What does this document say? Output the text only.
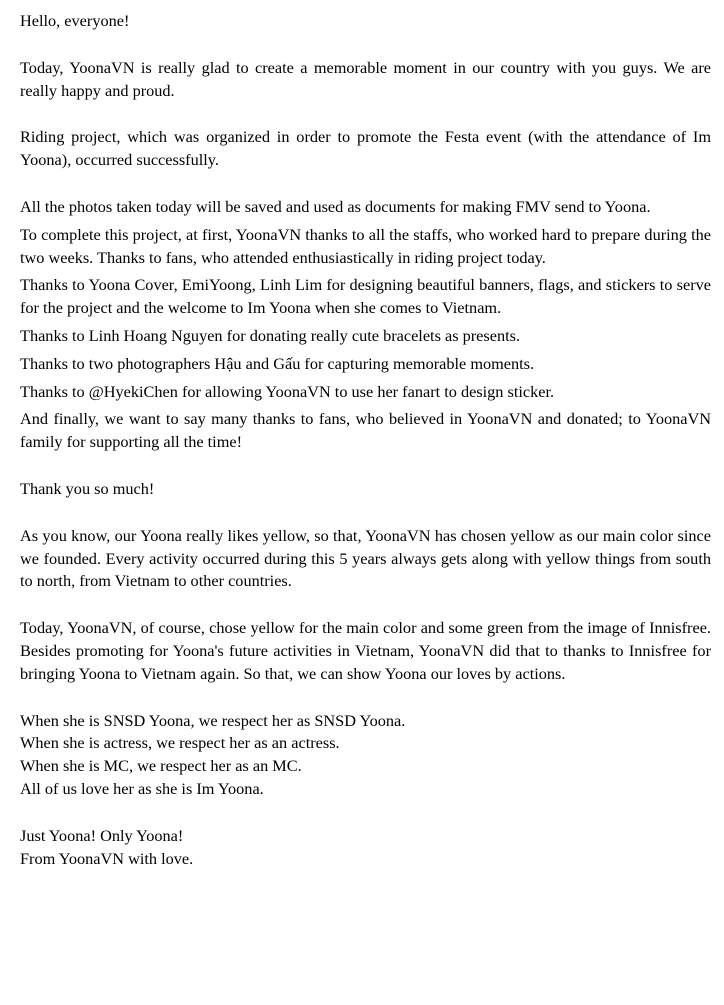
Hello, everyone!

Today, YoonaVN is really glad to create a memorable moment in our country with you guys. We are really happy and proud.

Riding project, which was organized in order to promote the Festa event (with the attendance of Im Yoona), occurred successfully.

All the photos taken today will be saved and used as documents for making FMV send to Yoona.

To complete this project, at first, YoonaVN thanks to all the staffs, who worked hard to prepare during the two weeks. Thanks to fans, who attended enthusiastically in riding project today.

Thanks to Yoona Cover, EmiYoong, Linh Lim for designing beautiful banners, flags, and stickers to serve for the project and the welcome to Im Yoona when she comes to Vietnam.

Thanks to Linh Hoang Nguyen for donating really cute bracelets as presents.

Thanks to two photographers Hậu and Gấu for capturing memorable moments.

Thanks to @HyekiChen for allowing YoonaVN to use her fanart to design sticker.

And finally, we want to say many thanks to fans, who believed in YoonaVN and donated; to YoonaVN family for supporting all the time!

Thank you so much!

As you know, our Yoona really likes yellow, so that, YoonaVN has chosen yellow as our main color since we founded. Every activity occurred during this 5 years always gets along with yellow things from south to north, from Vietnam to other countries.

Today, YoonaVN, of course, chose yellow for the main color and some green from the image of Innisfree. Besides promoting for Yoona's future activities in Vietnam, YoonaVN did that to thanks to Innisfree for bringing Yoona to Vietnam again. So that, we can show Yoona our loves by actions.

When she is SNSD Yoona, we respect her as SNSD Yoona.

When she is actress, we respect her as an actress.

When she is MC, we respect her as an MC.

All of us love her as she is Im Yoona.

Just Yoona! Only Yoona!

From YoonaVN with love.
